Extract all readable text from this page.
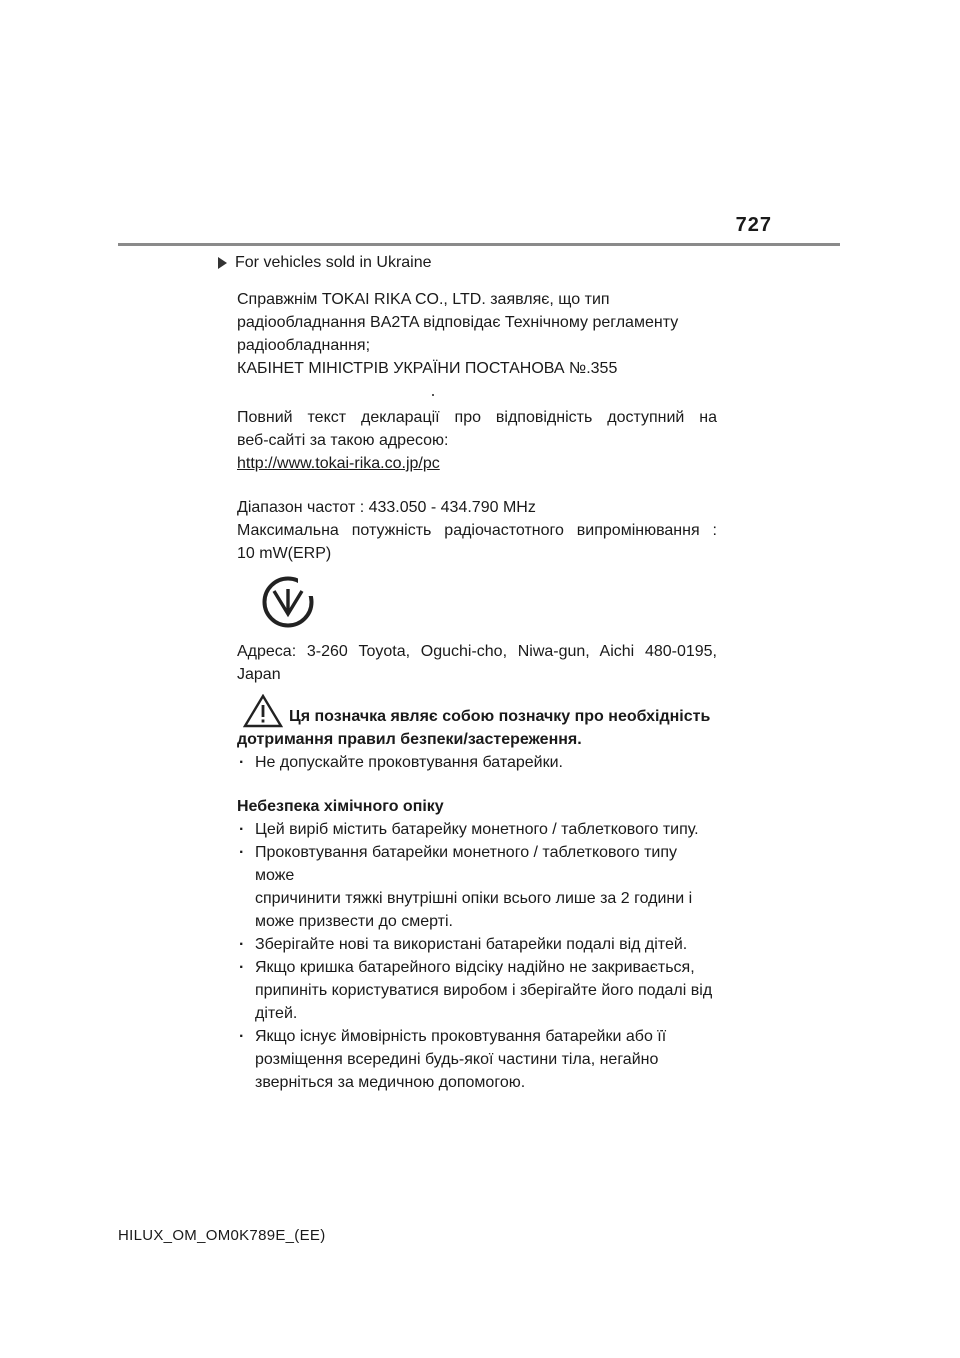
727
For vehicles sold in Ukraine

Справжнім TOKAI RIKA CO., LTD. заявляє, що тип

радіообладнання BA2TA відповідає Технічному регламенту

радіообладнання;

КАБІНЕТ МІНІСТРІВ УКРАЇНИ ПОСТАНОВА №.355

Повний текст декларації про відповідність доступний на

веб-сайті за такою адресою:

http://www.tokai-rika.co.jp/pc

Діапазон частот : 433.050 - 434.790 MHz

Максимальна потужність радіочастотного випромінювання :

10 mW(ERP)

Адреса: 3-260 Toyota, Oguchi-cho, Niwa-gun, Aichi 480-0195,

Japan

Ця позначка являє собою позначку про необхідність

дотримання правил безпеки/застереження.

· Не допускайте проковтування батарейки.

Небезпека хімічного опіку

· Цей виріб містить батарейку монетного / таблеткового типу.

· Проковтування батарейки монетного / таблеткового типу може

спричинити тяжкі внутрішні опіки всього лише за 2 години і

може призвести до смерті.

· Зберігайте нові та використані батарейки подалі від дітей.

· Якщо кришка батарейного відсіку надійно не закривається,

припиніть користуватися виробом і зберігайте його подалі від

дітей.

· Якщо існує ймовірність проковтування батарейки або її

розміщення всередині будь-якої частини тіла, негайно

зверніться за медичною допомогою.

HILUX_OM_OM0K789E_(EE)
